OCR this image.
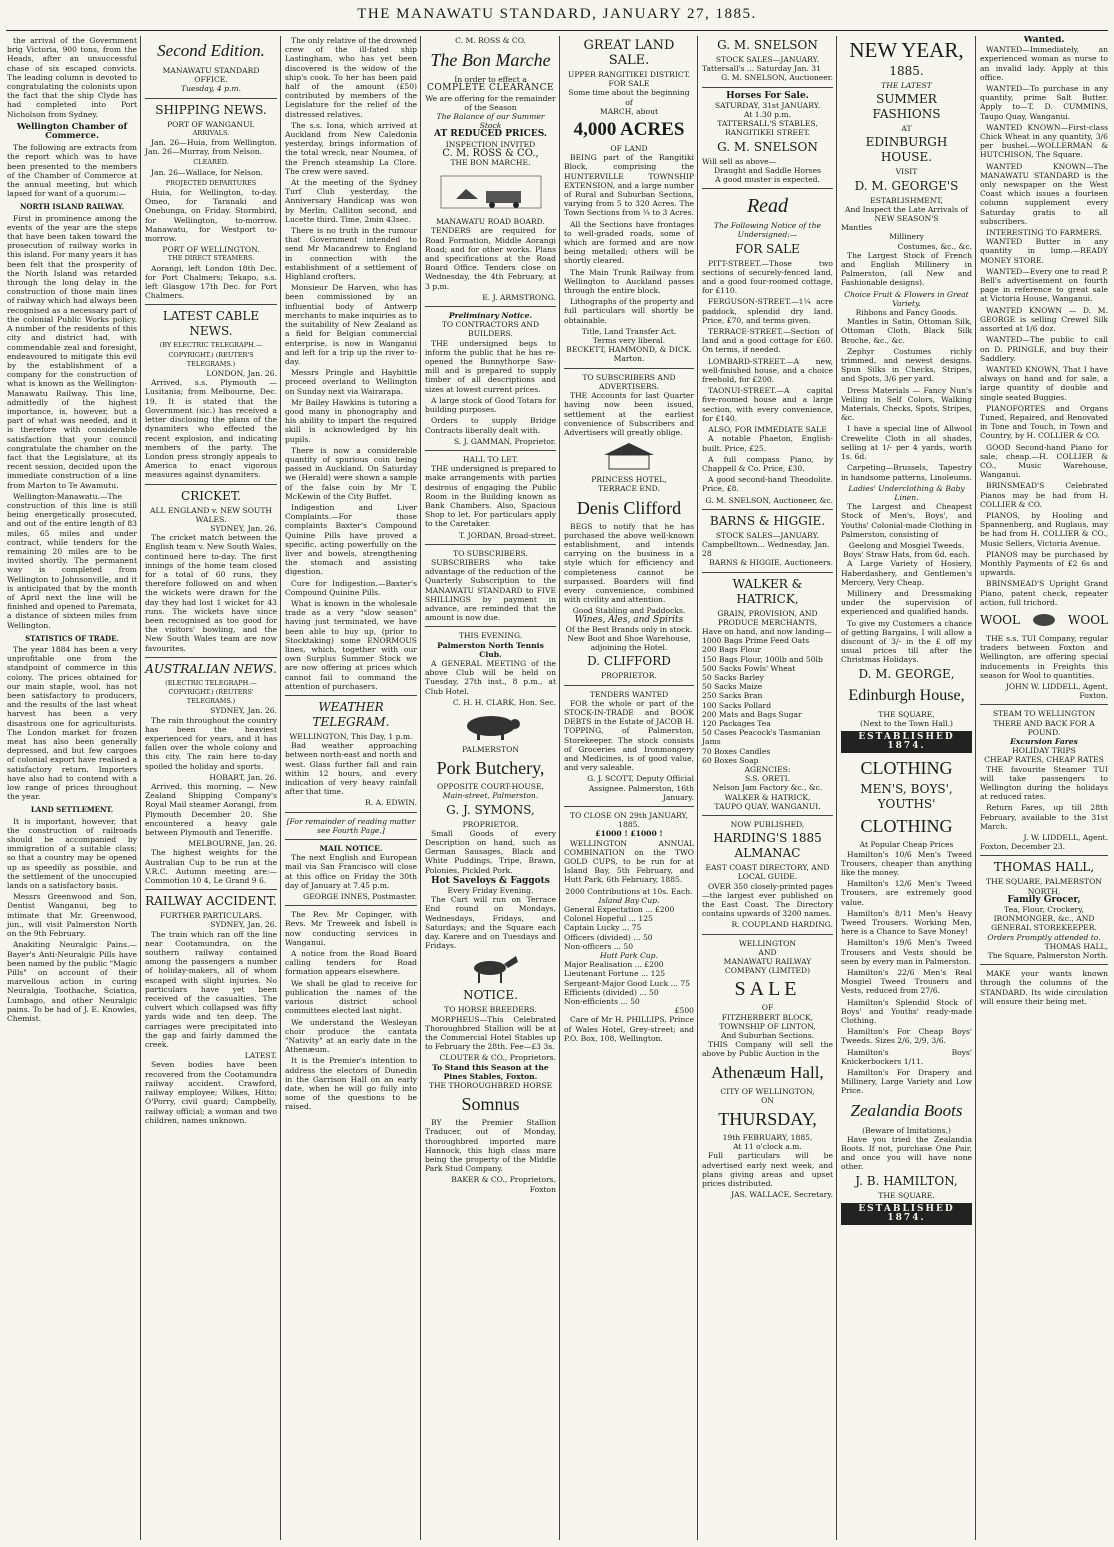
THE MANAWATU STANDARD, JANUARY 27, 1885.

the arrival of the Government brig Victoria, 900 tons, from the Heads, after an unsuccessful chase of six escaped convicts. The leading column is devoted to congratulating the colonists upon the fact that the ship Clyde has had completed into Port Nicholson from Sydney.

Wellington Chamber of Commerce.

The following are extracts from the report which was to have been presented to the members of the Chamber of Commerce at the annual meeting, but which lapsed for want of a quorum:—

NORTH ISLAND RAILWAY.

First in prominence among the events of the year are the steps that have been taken toward the prosecution of railway works in this island. For many years it has been felt that the prosperity of the North Island was retarded through the long delay in the construction of those main lines of railway which had always been recognised as a necessary part of the colonial Public Works policy. A number of the residents of this city and district had, with commendable zeal and foresight, endeavoured to mitigate this evil by the establishment of a company for the construction of what is known as the Wellington-Manawatu Railway. This line, admittedly of the highest importance, is, however, but a part of what was needed, and it is therefore with considerable satisfaction that your council congratulate the chamber on the fact that the Legislature, at its recent session, decided upon the immediate construction of a line from Marton to Te Awamutu.

Wellington-Manawatu.—The construction of this line is still being energetically prosecuted, and out of the entire length of 83 miles, 65 miles and under contract, while tenders for the remaining 20 miles are to be invited shortly. The permanent way is completed from Wellington to Johnsonville, and it is anticipated that by the month of April next the line will be finished and opened to Paremata, a distance of sixteen miles from Wellington.

STATISTICS OF TRADE.

The year 1884 has been a very unprofitable one from the standpoint of commerce in this colony. The prices obtained for our main staple, wool, has not been satisfactory to producers, and the results of the last wheat harvest has been a very disastrous one for agriculturists. The London market for frozen meat has also been generally depressed, and but few cargoes of colonial export have realised a satisfactory return. Importers have also had to contend with a low range of prices throughout the year.

LAND SETTLEMENT.

It is important, however, that the construction of railroads should be accompanied by immigration of a suitable class; so that a country may be opened up as speedily as possible, and the settlement of the unoccupied lands on a satisfactory basis.

Messrs Greenwood and Son, Dentist Wanganui, beg to intimate that Mr. Greenwood, jun., will visit Palmerston North on the 9th February.

Anakiting Neuralgic Pains.—Bayer's Anti-Neuralgic Pills have been named by the public "Magic Pills" on account of their marvellous action in curing Neuralgia, Toothache, Sciatica, Lumbago, and other Neuralgic pains. To be had of J. E. Knowles, Chemist.

Second Edition.
MANAWATU STANDARD OFFICE.
Tuesday, 4 p.m.
SHIPPING NEWS.
PORT OF WANGANUI.
ARRIVALS.

Jan. 26—Huia, from Wellington. Jan. 26—Murray, from Nelson.

CLEARED.

Jan. 26—Wallace, for Nelson.

PROJECTED DEPARTURES

Huia, for Wellington, to-day. Omeo, for Taranaki and Onehunga, on Friday. Stormbird, for Wellington, to-morrow. Manawatu, for Westport to-morrow.

PORT OF WELLINGTON.
THE DIRECT STEAMERS.

Aorangi, left London 18th Dec. for Port Chalmers; Tekapo, s.s. left Glasgow 17th Dec. for Port Chalmers.

LATEST CABLE NEWS.
(BY ELECTRIC TELEGRAPH.—COPYRIGHT.) (REUTER'S TELEGRAMS.)
LONDON, Jan. 26.

Arrived, s.s. Plymouth — Lusitania; from Melbourne, Dec. 19. It is stated that the Government (sic.) has received a letter disclosing the plans of the dynamiters who effected the recent explosion, and indicating members of the party. The London press strongly appeals to America to enact vigorous measures against dynamiters.

CRICKET.
ALL ENGLAND v. NEW SOUTH WALES.
SYDNEY, Jan. 26.

The cricket match between the English team v. New South Wales, continued here to-day. The first innings of the home team closed for a total of 60 runs, they therefore followed on and when the wickets were drawn for the day they had lost 1 wicket for 43 runs. The wickets have since been recognised as too good for the visitors' bowling, and the New South Wales team are now favourites.

AUSTRALIAN NEWS.
(ELECTRIC TELEGRAPH.—COPYRIGHT.) (REUTERS' TELEGRAMS.)
SYDNEY, Jan. 26.

The rain throughout the country has been the heaviest experienced for years, and it has fallen over the whole colony and this city. The rain here to-day spoiled the holiday and sports.

HOBART, Jan. 26.

Arrived, this morning, — New Zealand Shipping Company's Royal Mail steamer Aorangi, from Plymouth December 20. She encountered a heavy gale between Plymouth and Teneriffe.

MELBOURNE, Jan. 26.

The highest weights for the Australian Cup to be run at the V.R.C. Autumn meeting are:—Commotion 10 4, Le Grand 9 6.

RAILWAY ACCIDENT.
FURTHER PARTICULARS.
SYDNEY, Jan. 26.

The train which ran off the line near Cootamundra, on the southern railway contained among the passengers a number of holiday-makers, all of whom escaped with slight injuries. No particulars have yet been received of the casualties. The culvert which collapsed was fifty yards wide and ten deep. The carriages were precipitated into the gap and fairly dammed the creek.

LATEST.

Seven bodies have been recovered from the Cootamundra railway accident. Crawford, railway employee; Wilkes, Hitto; O'Porry, civil guard; Campbelly, railway official; a woman and two children, names unknown.

The only relative of the drowned crew of the ill-fated ship Lastingham, who has yet been discovered is the widow of the ship's cook. To her has been paid half of the amount (£50) contributed by members of the Legislature for the relief of the distressed relatives.

The s.s. Iona, which arrived at Auckland from New Caledonia yesterday, brings information of the total wreck, near Noumea, of the French steamship La Clore. The crew were saved.

At the meeting of the Sydney Turf Club yesterday, the Anniversary Handicap was won by Merlin, Calliton second, and Lucette third. Time, 2min 43sec.

There is no truth in the rumour that Government intended to send Mr Macandrew to England in connection with the establishment of a settlement of Highland crofters.

Monsieur De Harven, who has been commissioned by an influential body of Antwerp merchants to make inquiries as to the suitability of New Zealand as a field for Belgian commercial enterprise, is now in Wanganui and left for a trip up the river to-day.

Messrs Pringle and Haybittle proceed overland to Wellington on Sunday next via Wairarapa.

Mr Bailey Hawkins is tutoring a good many in phonography and his ability to impart the required skill is acknowledged by his pupils.

There is now a considerable quantity of spurious coin being passed in Auckland. On Saturday we (Herald) were shown a sample of the false coin by Mr T. McKewin of the City Buffet.

Indigestion and Liver Complaints.—For those complaints Baxter's Compound Quinine Pills have proved a specific, acting powerfully on the liver and bowels, strengthening the stomach and assisting digestion.

Cure for Indigestion.—Baxter's Compound Quinine Pills.

What is known in the wholesale trade as a very "slow season" having just terminated, we have been able to buy up, (prior to Stocktaking) some ENORMOUS lines, which, together with our own Surplus Summer Stock we are now offering at prices which cannot fail to command the attention of purchasers.

WEATHER TELEGRAM.
WELLINGTON, This Day, 1 p.m.

Bad weather approaching between north-east and north and west. Glass further fall and rain within 12 hours, and every indication of very heavy rainfall after that time.

R. A. EDWIN.
[For remainder of reading matter see Fourth Page.]
MAIL NOTICE.

The next English and European mail via San Francisco will close at this office on Friday the 30th day of January at 7.45 p.m.

GEORGE INNES, Postmaster.

The Rev. Mr Copinger, with Revs. Mr Treweek and Isbell is now conducting services in Wanganui.

A notice from the Road Board calling tenders for Road formation appears elsewhere.

We shall be glad to receive for publication the names of the various district school committees elected last night.

We understand the Wesleyan choir produce the cantata "Nativity" at an early date in the Athenæum.

It is the Premier's intention to address the electors of Dunedin in the Garrison Hall on an early date, when he will go fully into some of the questions to be raised.

C. M. ROSS & CO.
The Bon Marche
In order to effect a
COMPLETE CLEARANCE
We are offering for the remainder of the Season
The Balance of our Summer Stock
AT REDUCED PRICES.
INSPECTION INVITED
C. M. ROSS & CO.,
THE BON MARCHE.
MANAWATU ROAD BOARD.

TENDERS are required for Road Formation, Middle Aorangi Road; and for other works. Plans and specifications at the Road Board Office. Tenders close on Wednesday, the 4th February, at 3 p.m.

E. J. ARMSTRONG.
Preliminary Notice.
TO CONTRACTORS AND BUILDERS.

THE undersigned begs to inform the public that he has re-opened the Bunnythorpe Saw-mill and is prepared to supply timber of all descriptions and sizes at lowest current prices.

A large stock of Good Totara for building purposes.

Orders to supply Bridge Contracts liberally dealt with.

S. J. GAMMAN, Proprietor.
HALL TO LET.

THE undersigned is prepared to make arrangements with parties desirous of engaging the Public Room in the Building known as Bank Chambers. Also, Spacious Shop to let. For particulars apply to the Caretaker.

T. JORDAN, Broad-street.
TO SUBSCRIBERS.

SUBSCRIBERS who take advantage of the reduction of the Quarterly Subscription to the MANAWATU STANDARD to FIVE SHILLINGS by payment in advance, are reminded that the amount is now due.

THIS EVENING.
Palmerston North Tennis Club.

A GENERAL MEETING of the above Club will be held on Tuesday, 27th inst., 8 p.m., at Club Hotel.

C. H. H. CLARK, Hon. Sec.
PALMERSTON
Pork Butchery,
OPPOSITE COURT-HOUSE,
Main-street, Palmerston.
G. J. SYMONS,
PROPRIETOR.

Small Goods of every Description on hand, such as German Sausages, Black and White Puddings, Tripe, Brawn, Polonies, Pickled Pork.

Hot Saveloys & Faggots
Every Friday Evening.

The Cart will run on Terrace End round on Mondays, Wednesdays, Fridays, and Saturdays; and the Square each day. Karere and on Tuesdays and Fridays.

NOTICE.
TO HORSE BREEDERS.

MORPHEUS—This Celebrated Thoroughbred Stallion will be at the Commercial Hotel Stables up to February the 28th. Fee—£3 3s.

CLOUTER & CO., Proprietors.
To Stand this Season at the Pines Stables, Foxton.
THE THOROUGHBRED HORSE
Somnus

BY the Premier Stallion Traducer, out of Monday, thoroughbred imported mare Hannock, this high class mare being the property of the Middle Park Stud Company.

BAKER & CO., Proprietors, Foxton
GREAT LAND SALE.
UPPER RANGITIKEI DISTRICT.
FOR SALE
Some time about the beginning of
MARCH, about
4,000 ACRES
OF LAND

BEING part of the Rangitiki Block, comprising the HUNTERVILLE TOWNSHIP EXTENSION, and a large number of Rural and Suburban Sections, varying from 5 to 320 Acres. The Town Sections from ¼ to 3 Acres.

All the Sections have frontages to well-graded roads, some of which are formed and are now being metalled; others will be shortly cleared.

The Main Trunk Railway from Wellington to Auckland passes through the entire block.

Lithographs of the property and full particulars will shortly be obtainable.

Title, Land Transfer Act.
Terms very liberal.
BECKETT, HAMMOND, & DICK. Marton.
TO SUBSCRIBERS AND ADVERTISERS.

THE Accounts for last Quarter having now been issued, settlement at the earliest convenience of Subscribers and Advertisers will greatly oblige.

PRINCESS HOTEL,
TERRACE END.
Denis Clifford

BEGS to notify that he has purchased the above well-known establishment, and intends carrying on the business in a style which for efficiency and completeness cannot be surpassed. Boarders will find every convenience, combined with civility and attention.

Good Stabling and Paddocks.
Wines, Ales, and Spirits
Of the Best Brands only in stock.
New Boot and Shoe Warehouse, adjoining the Hotel.
D. CLIFFORD
PROPRIETOR.
TENDERS WANTED

FOR the whole or part of the STOCK-IN-TRADE and BOOK DEBTS in the Estate of JACOB H. TOPPING, of Palmerston, Storekeeper. The stock consists of Groceries and Ironmongery and Medicines, is of good value, and very saleable.

G. J. SCOTT, Deputy Official Assignee. Palmerston, 16th January.
TO CLOSE ON 29th JANUARY, 1885.
£1000 ! £1000 !

WELLINGTON ANNUAL COMBINATION on the TWO GOLD CUPS, to be run for at Island Bay, 5th February, and Hutt Park, 6th February, 1885.

2000 Contributions at 10s. Each.
Island Bay Cup.
General Expectation ... £200
Colonel Hopeful ... 125
Captain Lucky ... 75
Officers (divided) ... 50
Non-officers ... 50
Hutt Park Cup.
Major Realisation ... £200
Lieutenant Fortune ... 125
Sergeant-Major Good Luck ... 75
Efficients (divided) ... 50
Non-efficients ... 50
£500

Care of Mr H. PHILLIPS, Prince of Wales Hotel, Grey-street; and P.O. Box, 108, Wellington.

G. M. SNELSON
STOCK SALES—JANUARY.
Tattersall's ... Saturday Jan. 31
G. M. SNELSON, Auctioneer.
Horses For Sale.
SATURDAY, 31st JANUARY.
At 1.30 p.m.
TATTERSALL'S STABLES, RANGITIKEI STREET.
G. M. SNELSON
Will sell as above—
Draught and Saddle Horses
A good muster is expected.
Read
The Following Notice of the Undersigned:—
FOR SALE

PITT-STREET.—Those two sections of securely-fenced land, and a good four-roomed cottage, for £110.

FERGUSON-STREET.—1¼ acre paddock, splendid dry land. Price, £70, and terms given.

TERRACE-STREET.—Section of land and a good cottage for £60. On terms, if needed.

LOMBARD-STREET.—A new, well-finished house, and a choice freehold, for £200.

TAONUI-STREET.—A capital five-roomed house and a large section, with every convenience, for £140.

ALSO, FOR IMMEDIATE SALE

A notable Phaeton, English-built. Price, £25.

A full compass Piano, by Chappell & Co. Price, £30.

A good second-hand Theodolite. Price, £8.

G. M. SNELSON, Auctioneer, &c.
BARNS & HIGGIE.
STOCK SALES—JANUARY.
Campbelltown... Wednesday, Jan. 28
BARNS & HIGGIE, Auctioneers.
WALKER & HATRICK,
GRAIN, PROVISION, AND PRODUCE MERCHANTS,
Have on hand, and now landing—
1000 Bags Prime Feed Oats
200 Bags Flour
150 Bags Flour, 100lb and 50lb
500 Sacks Fowls' Wheat
50 Sacks Barley
50 Sacks Maize
250 Sacks Bran
100 Sacks Pollard
200 Mats and Bags Sugar
120 Packages Tea
50 Cases Peacock's Tasmanian Jams
70 Boxes Candles
60 Boxes Soap
AGENCIES:
S.S. ORETI.
Nelson Jam Factory &c., &c.
WALKER & HATRICK,
TAUPO QUAY, WANGANUI.
NOW PUBLISHED,
HARDING'S 1885 ALMANAC
EAST COAST DIRECTORY, AND LOCAL GUIDE.

OVER 350 closely-printed pages—the largest ever published on the East Coast. The Directory contains upwards of 3200 names.

R. COUPLAND HARDING.
WELLINGTON
AND
MANAWATU RAILWAY
COMPANY (LIMITED)
SALE
OF
FITZHERBERT BLOCK,
TOWNSHIP OF LINTON,
And Suburban Sections.

THIS Company will sell the above by Public Auction in the

Athenæum Hall,
CITY OF WELLINGTON,
ON
THURSDAY,
19th FEBRUARY, 1885,
At 11 o'clock a.m.

Full particulars will be advertised early next week, and plans giving areas and upset prices distributed.

JAS. WALLACE, Secretary.
NEW YEAR,
1885.
THE LATEST
SUMMER FASHIONS
AT
EDINBURGH HOUSE.
VISIT
D. M. GEORGE'S
ESTABLISHMENT,
And Inspect the Late Arrivals of NEW SEASON'S
Mantles
Millinery
Costumes, &c., &c.

The Largest Stock of French and English Millinery in Palmerston, (all New and Fashionable designs).

Choice Fruit & Flowers in Great Variety.
Ribbons and Fancy Goods.

Mantles in Satin, Ottoman Silk, Ottoman Cloth, Black Silk Broche, &c., &c.

Zephyr Costumes richly trimmed, and newest designs. Spun Silks in Checks, Stripes, and Spots, 3/6 per yard.

Dress Materials — Fancy Nun's Veiling in Self Colors, Walking Materials, Checks, Spots, Stripes, &c.

I have a special line of Allwool Crewelite Cloth in all shades, selling at 1/- per 4 yards, worth 1s. 6d.

Carpeting—Brussels, Tapestry in handsome patterns, Linoleums.

Ladies' Underclothing & Baby Linen.

The Largest and Cheapest Stock of Men's, Boys', and Youths' Colonial-made Clothing in Palmerston, consisting of

Geelong and Mosgiel Tweeds.
Boys' Straw Hats, from 6d. each.

A Large Variety of Hosiery, Haberdashery, and Gentlemen's Mercery, Very Cheap.

Millinery and Dressmaking under the supervision of experienced and qualified hands.

To give my Customers a chance of getting Bargains, I will allow a discount of 3/- in the £ off my usual prices till after the Christmas Holidays.

D. M. GEORGE,
Edinburgh House,
THE SQUARE,
(Next to the Town Hall.)
ESTABLISHED 1874.
CLOTHING
MEN'S, BOYS', YOUTHS'
CLOTHING
At Popular Cheap Prices

Hamilton's 10/6 Men's Tweed Trousers, cheaper than anything like the money.

Hamilton's 12/6 Men's Tweed Trousers, are extremely good value.

Hamilton's 8/11 Men's Heavy Tweed Trousers. Working Men, here is a Chance to Save Money!

Hamilton's 19/6 Men's Tweed Trousers and Vests should be seen by every man in Palmerston.

Hamilton's 22/6 Men's Real Mosgiel Tweed Trousers and Vests, reduced from 27/6.

Hamilton's Splendid Stock of Boys' and Youths' ready-made Clothing.

Hamilton's For Cheap Boys' Tweeds. Sizes 2/6, 2/9, 3/6.

Hamilton's Boys' Knickerbockers 1/11.

Hamilton's For Drapery and Millinery, Large Variety and Low Price.

Zealandia Boots
(Beware of Imitations.)

Have you tried the Zealandia Boots. If not, purchase One Pair, and once you will have none other.

J. B. HAMILTON,
THE SQUARE.
ESTABLISHED 1874.
Wanted.

WANTED—Immediately, an experienced woman as nurse to an invalid lady. Apply at this office.

WANTED—To purchase in any quantity, prime Salt Butter. Apply to—T. D. CUMMINS, Taupo Quay, Wanganui.

WANTED KNOWN—First-class Chick Wheat in any quantity, 3/6 per bushel.—WOLLERMAN & HUTCHISON, The Square.

WANTED KNOWN—The MANAWATU STANDARD is the only newspaper on the West Coast which issues a fourteen column supplement every Saturday gratis to all subscribers.

INTERESTING TO FARMERS.

WANTED Butter in any quantity in lump.—READY MONEY STORE.

WANTED—Every one to read P. Bell's advertisement on fourth page in reference to great sale at Victoria House, Wanganui.

WANTED KNOWN — D. M. GEORGE is selling Crewel Silk assorted at 1/6 doz.

WANTED—The public to call on D. PRINGLE, and buy their Saddlery.

WANTED KNOWN, That I have always on hand and for sale, a large quantity of double and single seated Buggies.

PIANOFORTES and Organs Tuned, Repaired, and Renovated in Tone and Touch, in Town and Country, by H. COLLIER & CO.

GOOD Second-hand Piano for sale, cheap.—H. COLLIER & CO., Music Warehouse, Wanganui.

BRINSMEAD'S Celebrated Pianos may be had from H. COLLIER & CO.

PIANOS, by Hooling and Spannenberg, and Ruglaus, may be had from H. COLLIER & CO., Music Sellers, Victoria Avenue.

PIANOS may be purchased by Monthly Payments of £2 6s and upwards.

BRINSMEAD'S Upright Grand Piano, patent check, repeater action, full trichord.

WOOL	WOOL

THE s.s. TUI Company, regular traders between Foxton and Wellington, are offering special inducements in Freights this season for Wool to quantities.

JOHN W. LIDDELL, Agent, Foxton.
STEAM TO WELLINGTON
THERE AND BACK FOR A POUND.
Excursion Fares
HOLIDAY TRIPS
CHEAP RATES, CHEAP RATES

THE favourite Steamer TUI will take passengers to Wellington during the holidays at reduced rates.

Return Fares, up till 28th February, available to the 31st March.

J. W. LIDDELL, Agent.
Foxton, December 23.
THOMAS HALL,
THE SQUARE, PALMERSTON NORTH,
Family Grocer,
Tea, Flour, Crockery, IRONMONGER, &c., AND GENERAL STOREKEEPER.
Orders Promptly attended to.
THOMAS HALL,
The Square, Palmerston North.

MAKE your wants known through the columns of the STANDARD. Its wide circulation will ensure their being met.
